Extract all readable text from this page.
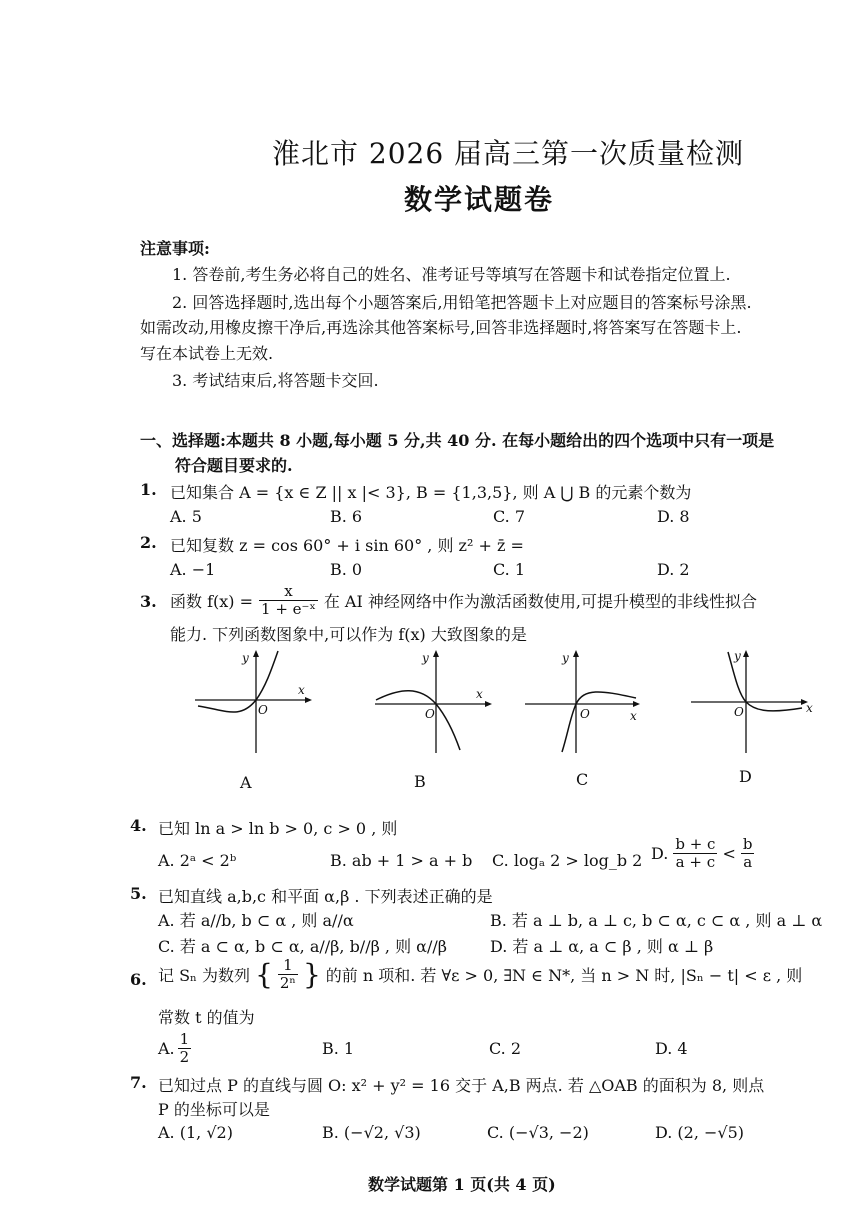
淮北市 2026 届高三第一次质量检测
数学试题卷
注意事项:
1. 答卷前,考生务必将自己的姓名、准考证号等填写在答题卡和试卷指定位置上.
2. 回答选择题时,选出每个小题答案后,用铅笔把答题卡上对应题目的答案标号涂黑.
如需改动,用橡皮擦干净后,再选涂其他答案标号,回答非选择题时,将答案写在答题卡上.
写在本试卷上无效.
3. 考试结束后,将答题卡交回.
一、选择题:本题共 8 小题,每小题 5 分,共 40 分. 在每小题给出的四个选项中只有一项是
符合题目要求的.
1. 已知集合 A = {x ∈ Z || x |< 3}, B = {1,3,5}, 则 A ⋃ B 的元素个数为
A. 5	B. 6	C. 7	D. 8
2. 已知复数 z = cos 60° + i sin 60° , 则 z² + z̄ =
A. −1	B. 0	C. 1	D. 2
3. 函数 $f(x) = \frac{x}{\text{1 + e⁻ˣ}}$ 在 AI 神经网络中作为激活函数使用,可提升模型的非线性拟合
能力. 下列函数图象中,可以作为 f(x) 大致图象的是
x
y
O
x
y
O	x
y
O	x
y
O
A	B	C	D
4. 已知 ln a > ln b > 0, c > 0 , 则
A. 2ᵃ < 2ᵇ	B. ab + 1 > a + b C. logₐ 2 > log_b 2 D. $\frac{b + c}{a + c} < \frac{b}{a}$
5. 已知直线 a,b,c 和平面 α,β . 下列表述正确的是
A. 若 a//b, b ⊂ α , 则 a//α	B. 若 a ⊥ b, a ⊥ c, b ⊂ α, c ⊂ α , 则 a ⊥ α
C. 若 a ⊂ α, b ⊂ α, a//β, b//β , 则 α//β	D. 若 a ⊥ α, a ⊂ β , 则 α ⊥ β
6. 记 Sₙ 为数列 { $\frac{1}{\text{2ⁿ}}$ } 的前 n 项和. 若 ∀ε > 0, ∃N ∈ N*, 当 n > N 时, |Sₙ − t| < ε , 则
常数 t 的值为
A. $\frac{1}{2}$	B. 1	C. 2	D. 4
7. 已知过点 P 的直线与圆 O: x² + y² = 16 交于 A,B 两点. 若 △OAB 的面积为 8, 则点
P 的坐标可以是
A. (1, √2)	B. (−√2, √3)	C. (−√3, −2)	D. (2, −√5)
数学试题第 1 页(共 4 页)
